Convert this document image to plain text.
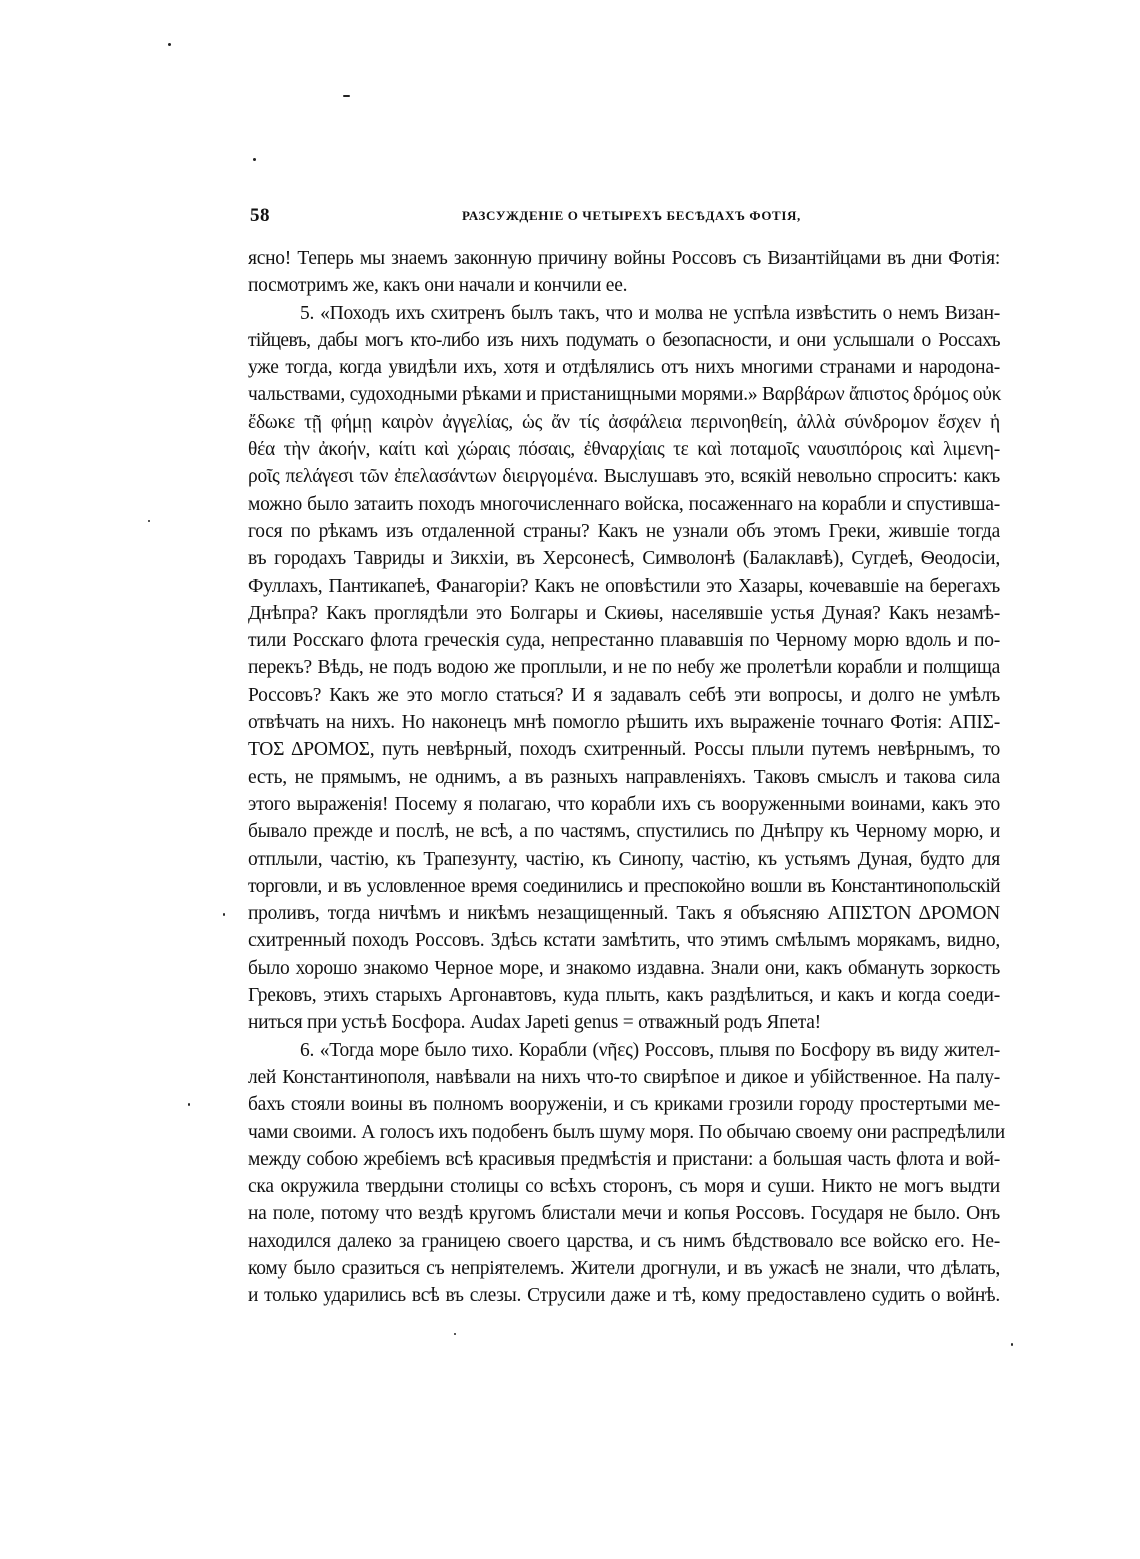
58	РАЗСУЖДЕНІЕ О ЧЕТЫРЕХЪ БЕСѢДАХЪ ФОТІЯ,
ясно! Теперь мы знаемъ законную причину войны Россовъ съ Византійцами въ дни Фотія:
посмотримъ же, какъ они начали и кончили ее.
5. «Походъ ихъ схитренъ былъ такъ, что и молва не успѣла извѣстить о немъ Визан-
тійцевъ, дабы могъ кто-либо изъ нихъ подумать о безопасности, и они услышали о Россахъ
уже тогда, когда увидѣли ихъ, хотя и отдѣлялись отъ нихъ многими странами и народона-
чальствами, судоходными рѣками и пристанищными морями.» Βαρβάρων ἄπιστος δρόμος οὐκ
ἔδωκε τῇ φήμῃ καιρὸν ἀγγελίας, ὡς ἄν τίς ἀσφάλεια περινοηθείη, ἀλλὰ σύνδρομον ἔσχεν ἡ
θέα τὴν ἀκοήν, καίτι καὶ χώραις πόσαις, ἐθναρχίαις τε καὶ ποταμοῖς ναυσιπόροις καὶ λιμενη-
ροῖς πελάγεσι τῶν ἐπελασάντων διειργομένα. Выслушавъ это, всякій невольно спроситъ: какъ
можно было затаить походъ многочисленнаго войска, посаженнаго на корабли и спустивша-
гося по рѣкамъ изъ отдаленной страны? Какъ не узнали объ этомъ Греки, жившіе тогда
въ городахъ Тавриды и Зикхіи, въ Херсонесѣ, Символонѣ (Балаклавѣ), Сугдеѣ, Ѳеодосіи,
Фуллахъ, Пантикапеѣ, Фанагоріи? Какъ не оповѣстили это Хазары, кочевавшіе на берегахъ
Днѣпра? Какъ проглядѣли это Болгары и Скиѳы, населявшіе устья Дуная? Какъ незамѣ-
тили Росскаго флота греческія суда, непрестанно плававшія по Черному морю вдоль и по-
перекъ? Вѣдь, не подъ водою же проплыли, и не по небу же пролетѣли корабли и полщища
Россовъ? Какъ же это могло статься? И я задавалъ себѣ эти вопросы, и долго не умѣлъ
отвѣчать на нихъ. Но наконецъ мнѣ помогло рѣшить ихъ выраженіе точнаго Фотія: ΑΠΙΣ-
ΤΟΣ ΔΡΟΜΟΣ, путь невѣрный, походъ схитренный. Россы плыли путемъ невѣрнымъ, то
есть, не прямымъ, не однимъ, а въ разныхъ направленіяхъ. Таковъ смыслъ и такова сила
этого выраженія! Посему я полагаю, что корабли ихъ съ вооруженными воинами, какъ это
бывало прежде и послѣ, не всѣ, а по частямъ, спустились по Днѣпру къ Черному морю, и
отплыли, частію, къ Трапезунту, частію, къ Синопу, частію, къ устьямъ Дуная, будто для
торговли, и въ условленное время соединились и преспокойно вошли въ Константинопольскій
проливъ, тогда ничѣмъ и никѣмъ незащищенный. Такъ я объясняю ΑΠΙΣΤΟΝ ΔΡΟΜΟΝ
схитренный походъ Россовъ. Здѣсь кстати замѣтить, что этимъ смѣлымъ морякамъ, видно,
было хорошо знакомо Черное море, и знакомо издавна. Знали они, какъ обмануть зоркость
Грековъ, этихъ старыхъ Аргонавтовъ, куда плыть, какъ раздѣлиться, и какъ и когда соеди-
ниться при устьѣ Босфора. Audax Japeti genus = отважный родъ Япета!
6. «Тогда море было тихо. Корабли (νῆες) Россовъ, плывя по Босфору въ виду жител-
лей Константинополя, навѣвали на нихъ что-то свирѣпое и дикое и убійственное. На палу-
бахъ стояли воины въ полномъ вооруженіи, и съ криками грозили городу простертыми ме-
чами своими. А голосъ ихъ подобенъ былъ шуму моря. По обычаю своему они распредѣлили
между собою жребіемъ всѣ красивыя предмѣстія и пристани: а большая часть флота и вой-
ска окружила твердыни столицы со всѣхъ сторонъ, съ моря и суши. Никто не могъ выдти
на поле, потому что вездѣ кругомъ блистали мечи и копья Россовъ. Государя не было. Онъ
находился далеко за границею своего царства, и съ нимъ бѣдствовало все войско его. Не-
кому было сразиться съ непріятелемъ. Жители дрогнули, и въ ужасѣ не знали, что дѣлать,
и только ударились всѣ въ слезы. Струсили даже и тѣ, кому предоставлено судить о войнѣ.
